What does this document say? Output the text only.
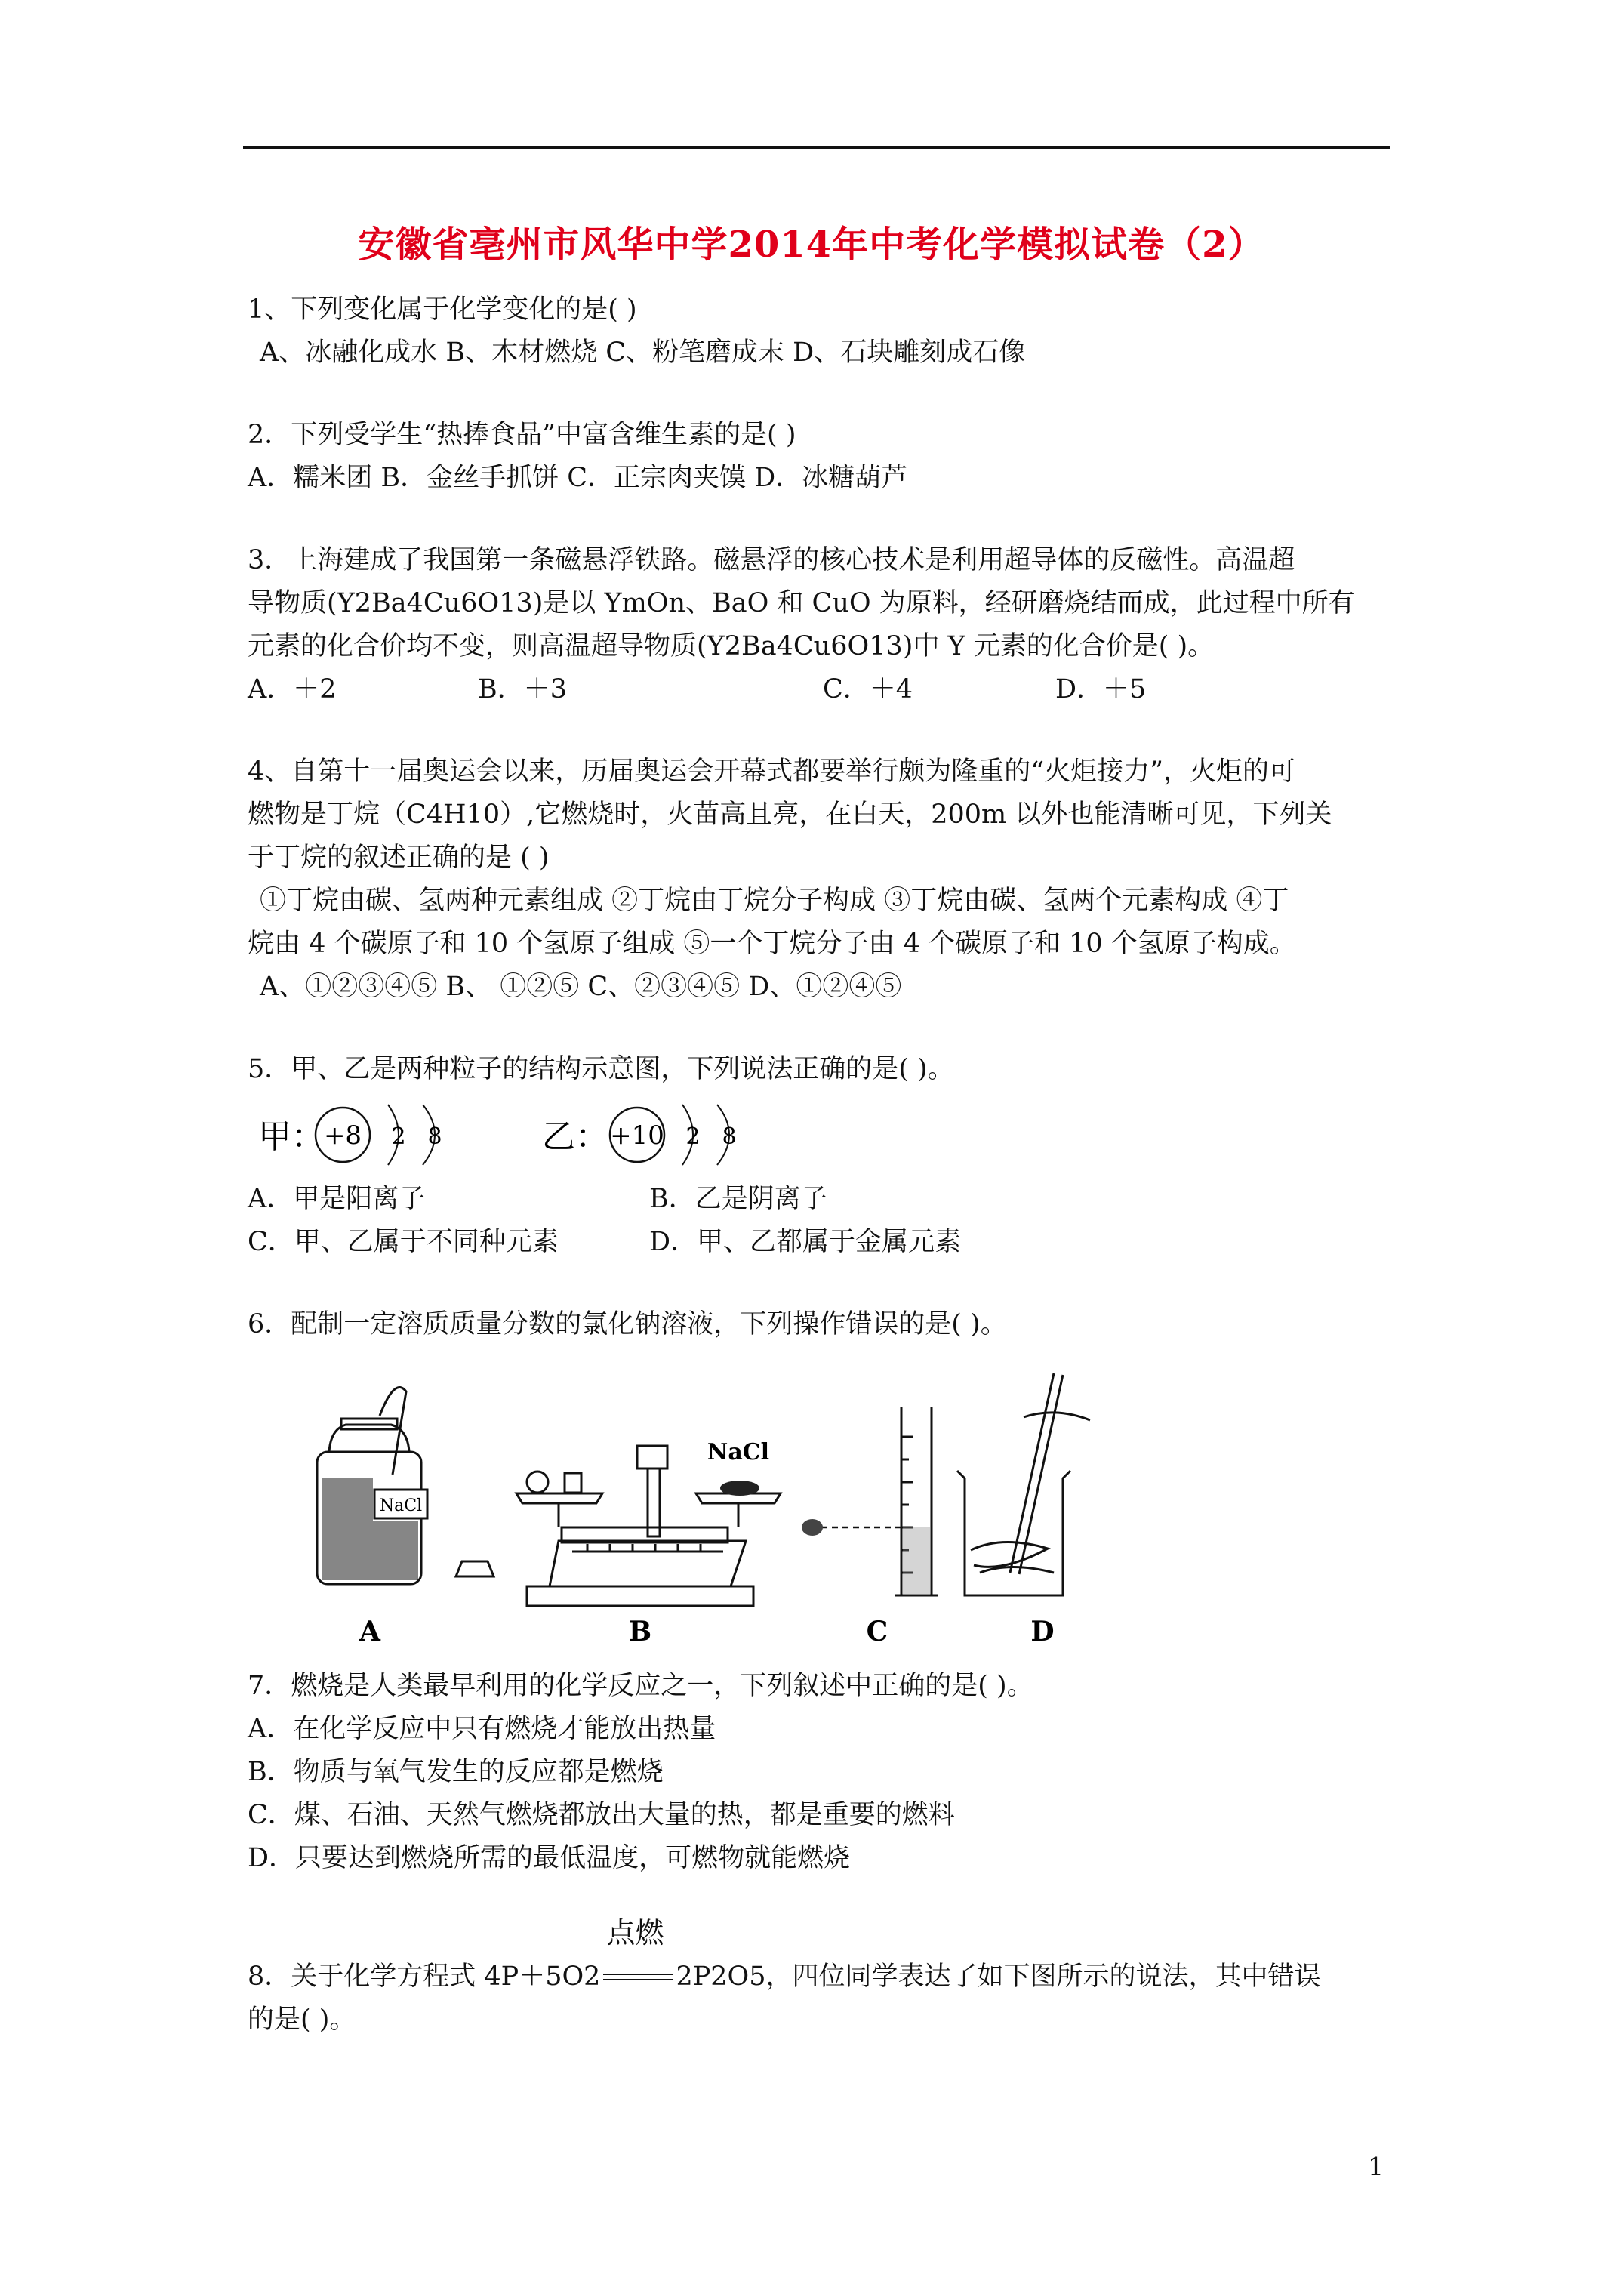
安徽省亳州市风华中学2014年中考化学模拟试卷（2）
1、下列变化属于化学变化的是( )
A、冰融化成水 B、木材燃烧 C、粉笔磨成末 D、石块雕刻成石像
2．下列受学生“热捧食品”中富含维生素的是( )
A．糯米团 B．金丝手抓饼 C．正宗肉夹馍 D．冰糖葫芦
3．上海建成了我国第一条磁悬浮铁路。磁悬浮的核心技术是利用超导体的反磁性。高温超
导物质(Y2Ba4Cu6O13)是以 YmOn、BaO 和 CuO 为原料，经研磨烧结而成，此过程中所有
元素的化合价均不变，则高温超导物质(Y2Ba4Cu6O13)中 Y 元素的化合价是( )。
A．＋2	B．＋3	C．＋4	D．＋5
4、自第十一届奥运会以来，历届奥运会开幕式都要举行颇为隆重的“火炬接力”，火炬的可
燃物是丁烷（C4H10）,它燃烧时，火苗高且亮，在白天，200m 以外也能清晰可见，下列关
于丁烷的叙述正确的是 ( )
①丁烷由碳、氢两种元素组成 ②丁烷由丁烷分子构成 ③丁烷由碳、氢两个元素构成 ④丁
烷由 4 个碳原子和 10 个氢原子组成 ⑤一个丁烷分子由 4 个碳原子和 10 个氢原子构成。
A、①②③④⑤ B、 ①②⑤ C、②③④⑤ D、①②④⑤
5．甲、乙是两种粒子的结构示意图，下列说法正确的是( )。
甲：
+8 2 8	乙： +10 2 8
A．甲是阳离子	B．乙是阴离子
C．甲、乙属于不同种元素	D．甲、乙都属于金属元素
6．配制一定溶质质量分数的氯化钠溶液，下列操作错误的是( )。
NaCl
NaCl
A	B	C	D
7．燃烧是人类最早利用的化学反应之一，下列叙述中正确的是( )。
A．在化学反应中只有燃烧才能放出热量
B．物质与氧气发生的反应都是燃烧
C．煤、石油、天然气燃烧都放出大量的热，都是重要的燃料
D．只要达到燃烧所需的最低温度，可燃物就能燃烧
8．关于化学方程式 4P＋5O2
点燃
2P2O5，四位同学表达了如下图所示的说法，其中错误
的是( )。
1
